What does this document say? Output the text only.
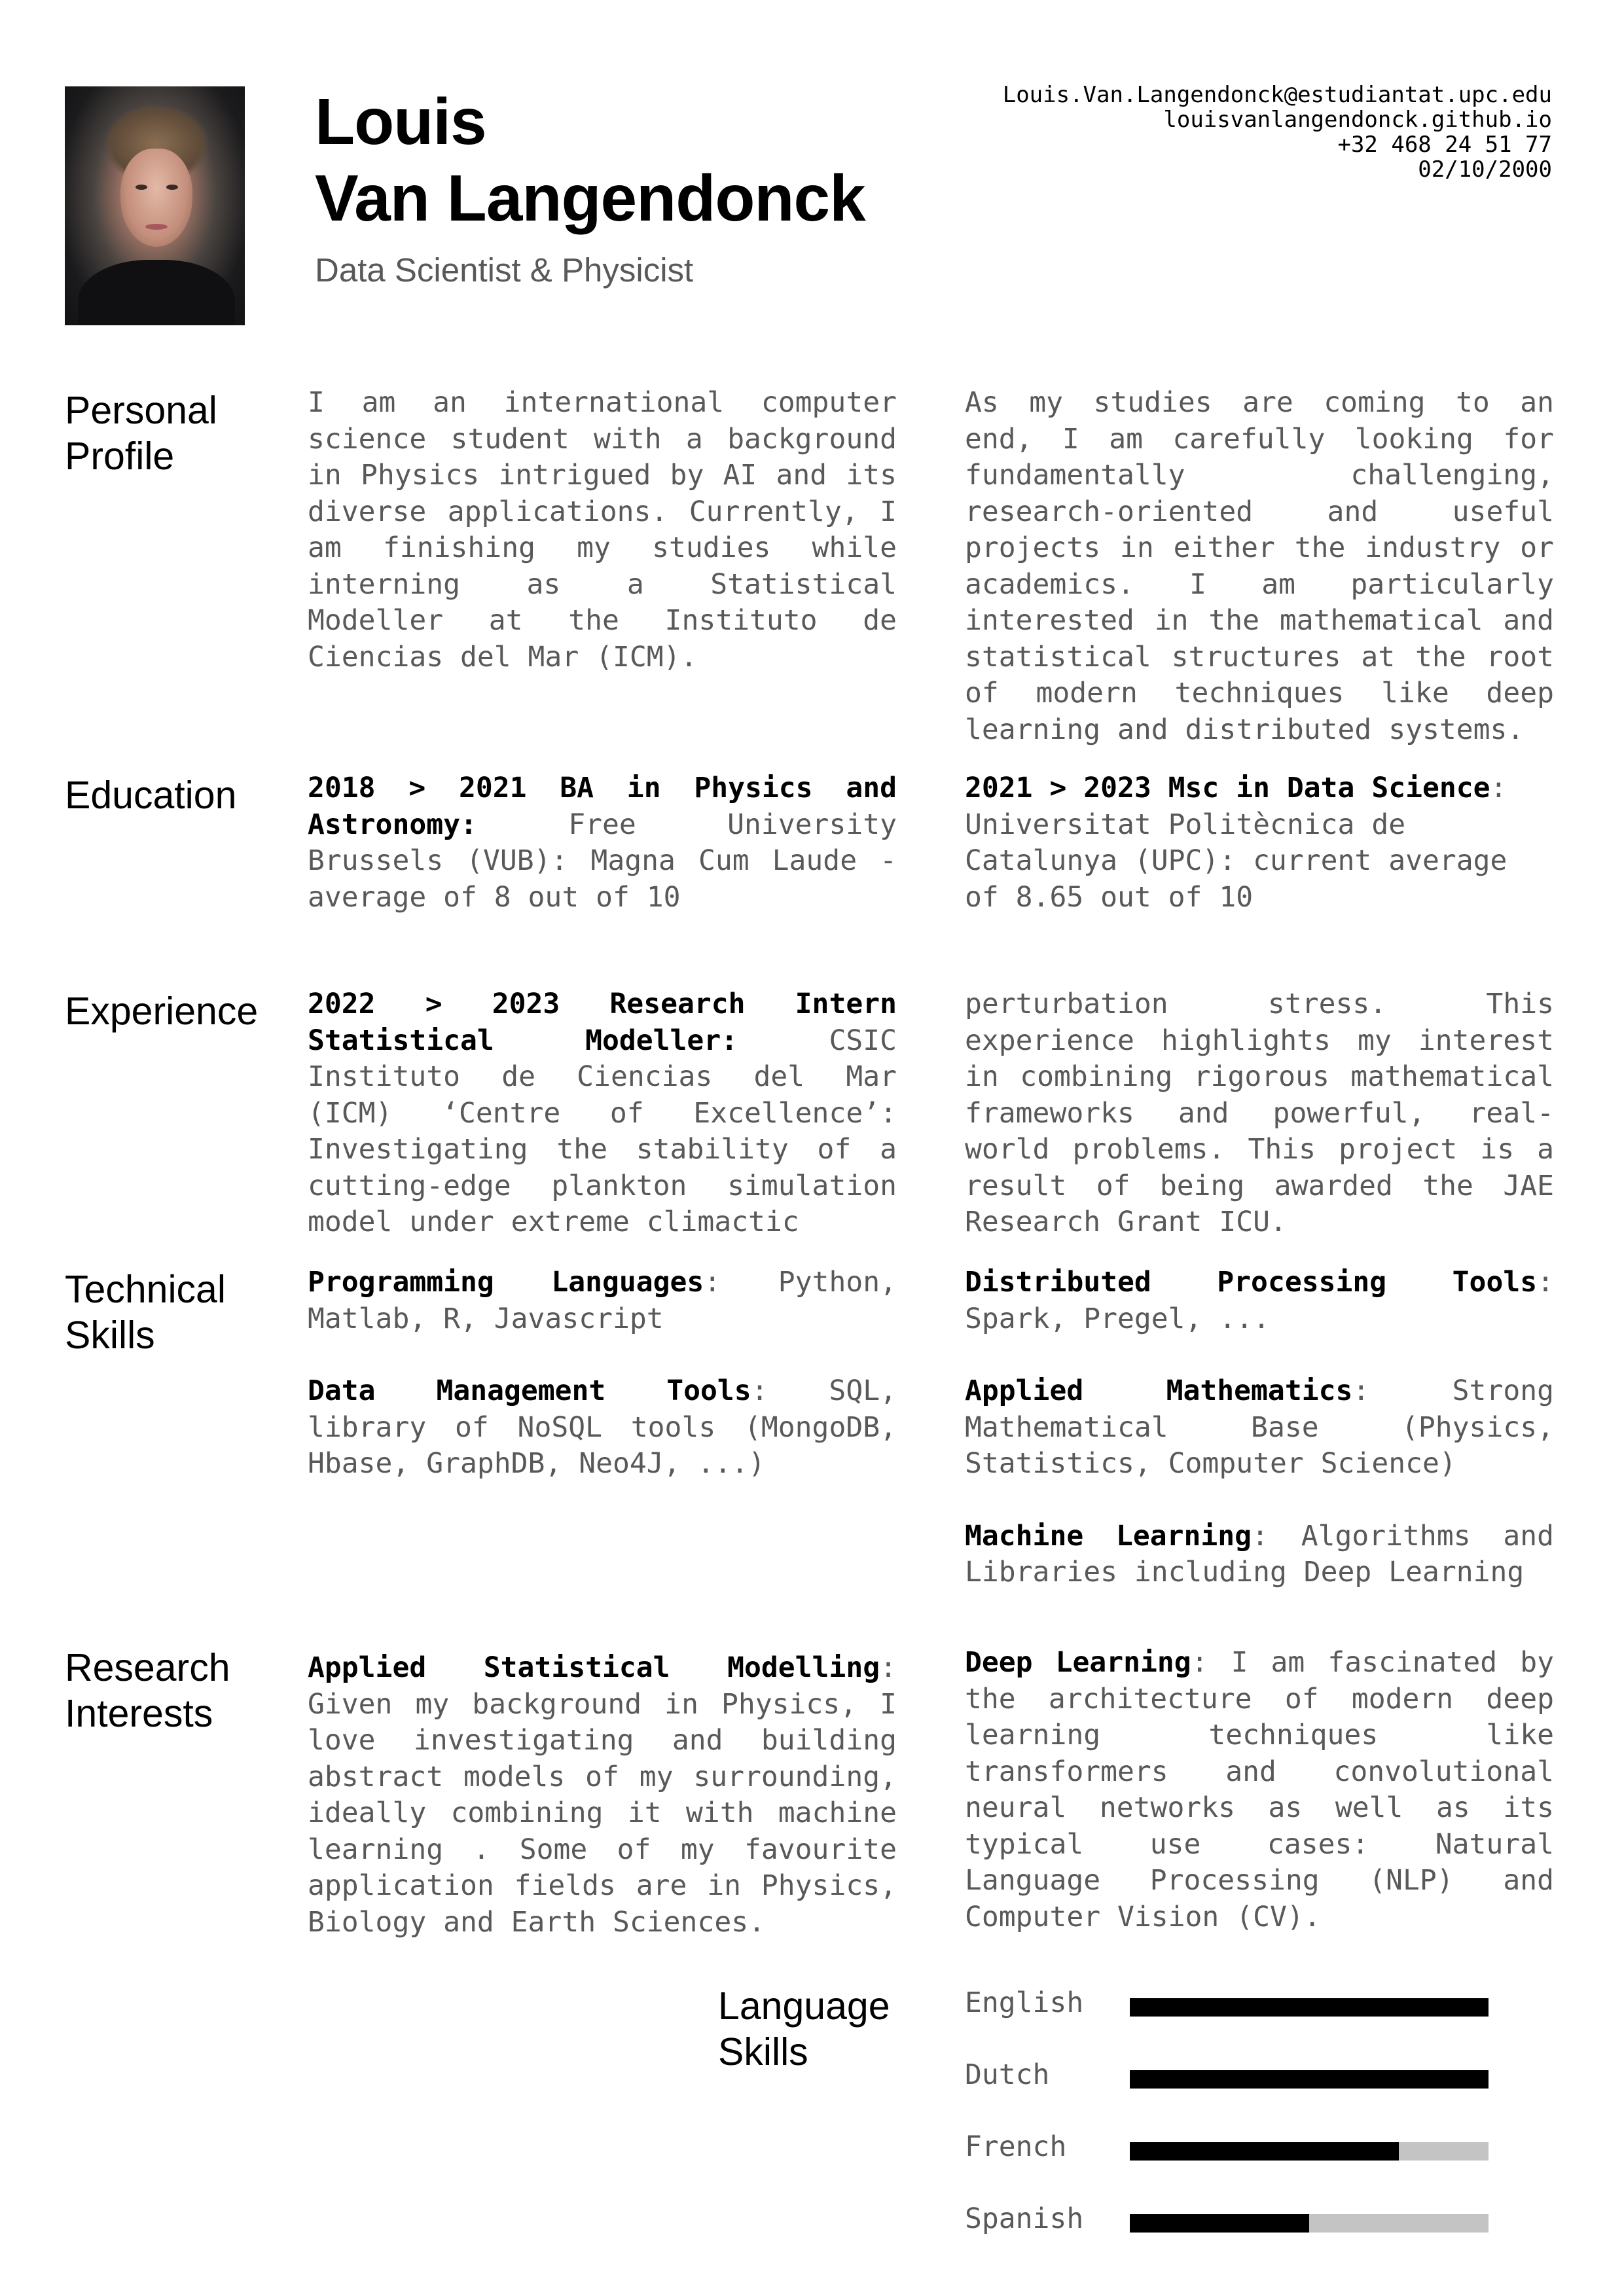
Louis
Van Langendonck
Data Scientist & Physicist
Louis.Van.Langendonck@estudiantat.upc.edu
louisvanlangendonck.github.io
+32 468 24 51 77
02/10/2000
Personal Profile
I am an international computer science student with a background in Physics intrigued by AI and its diverse applications. Currently, I am finishing my studies while interning as a Statistical Modeller at the Instituto de Ciencias del Mar (ICM).
As my studies are coming to an end, I am carefully looking for fundamentally challenging, research-oriented and useful projects in either the industry or academics. I am particularly interested in the mathematical and statistical structures at the root of modern techniques like deep learning and distributed systems.
Education	2018 > 2021 BA in Physics and Astronomy: Free University Brussels (VUB): Magna Cum Laude - average of 8 out of 10
2021 > 2023 Msc in Data Science: Universitat Politècnica de Catalunya (UPC): current average of 8.65 out of 10
Experience 2022 > 2023 Research Intern Statistical Modeller: CSIC Instituto de Ciencias del Mar (ICM) ‘Centre of Excellence’: Investigating the stability of a cutting-edge plankton simulation model under extreme climactic
perturbation stress. This experience highlights my interest in combining rigorous mathematical frameworks and powerful, real-world problems. This project is a result of being awarded the JAE Research Grant ICU.
Technical Skills
Programming Languages: Python, Matlab, R, Javascript
Data Management Tools: SQL, library of NoSQL tools (MongoDB, Hbase, GraphDB, Neo4J, ...)
Distributed Processing Tools: Spark, Pregel, ...
Applied Mathematics: Strong Mathematical Base (Physics, Statistics, Computer Science)
Machine Learning: Algorithms and Libraries including Deep Learning
Research Interests
Applied Statistical Modelling: Given my background in Physics, I love investigating and building abstract models of my surrounding, ideally combining it with machine learning . Some of my favourite application fields are in Physics, Biology and Earth Sciences.
Deep Learning: I am fascinated by the architecture of modern deep learning techniques like transformers and convolutional neural networks as well as its typical use cases: Natural Language Processing (NLP) and Computer Vision (CV).
Language Skills
English
Dutch
French
Spanish
